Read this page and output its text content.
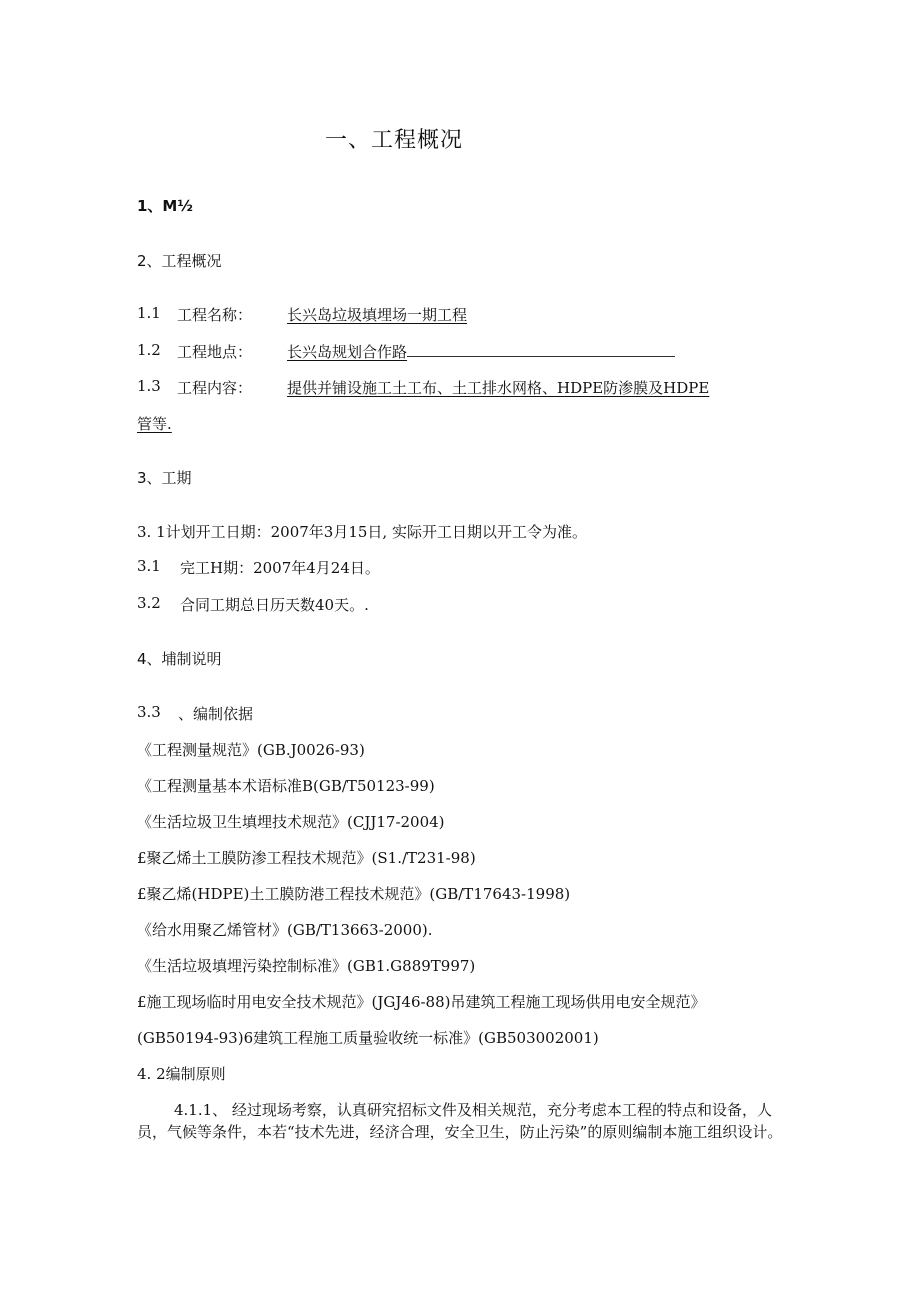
一、工程概况
1、M½
2、工程概况
1.1 工程名称： 长兴岛垃圾填埋场一期工程
1.2 工程地点： 长兴岛规划合作路
1.3 工程内容： 提供并铺设施工土工布、土工排水网格、HDPE防渗膜及HDPE
管等.
3、工期
3. 1计划开工日期：2007年3月15日, 实际开工日期以开工令为准。
3.1 完工H期：2007年4月24日。
3.2 合同工期总日历天数40天。.
4、埔制说明
3.3 、编制依据
《工程测量规范》(GB.J0026-93)
《工程测量基本术语标准B(GB/T50123-99)
《生活垃圾卫生填埋技术规范》(CJJ17-2004)
£聚乙烯土工膜防渗工程技术规范》(S1./T231-98)
£聚乙烯(HDPE)土工膜防港工程技术规范》(GB/T17643-1998)
《给水用聚乙烯管材》(GB/T13663-2000).
《生活垃圾填埋污染控制标准》(GB1.G889T997)
£施工现场临时用电安全技术规范》(JGJ46-88)吊建筑工程施工现场供用电安全规范》
(GB50194-93)6建筑工程施工质量验收统一标准》(GB503002001)
4. 2编制原则
4.1.1、 经过现场考察，认真研究招标文件及相关规范，充分考虑本工程的特点和设备，人员，气候等条件，本若“技术先进，经济合理，安全卫生，防止污染”的原则编制本施工组织设计。
